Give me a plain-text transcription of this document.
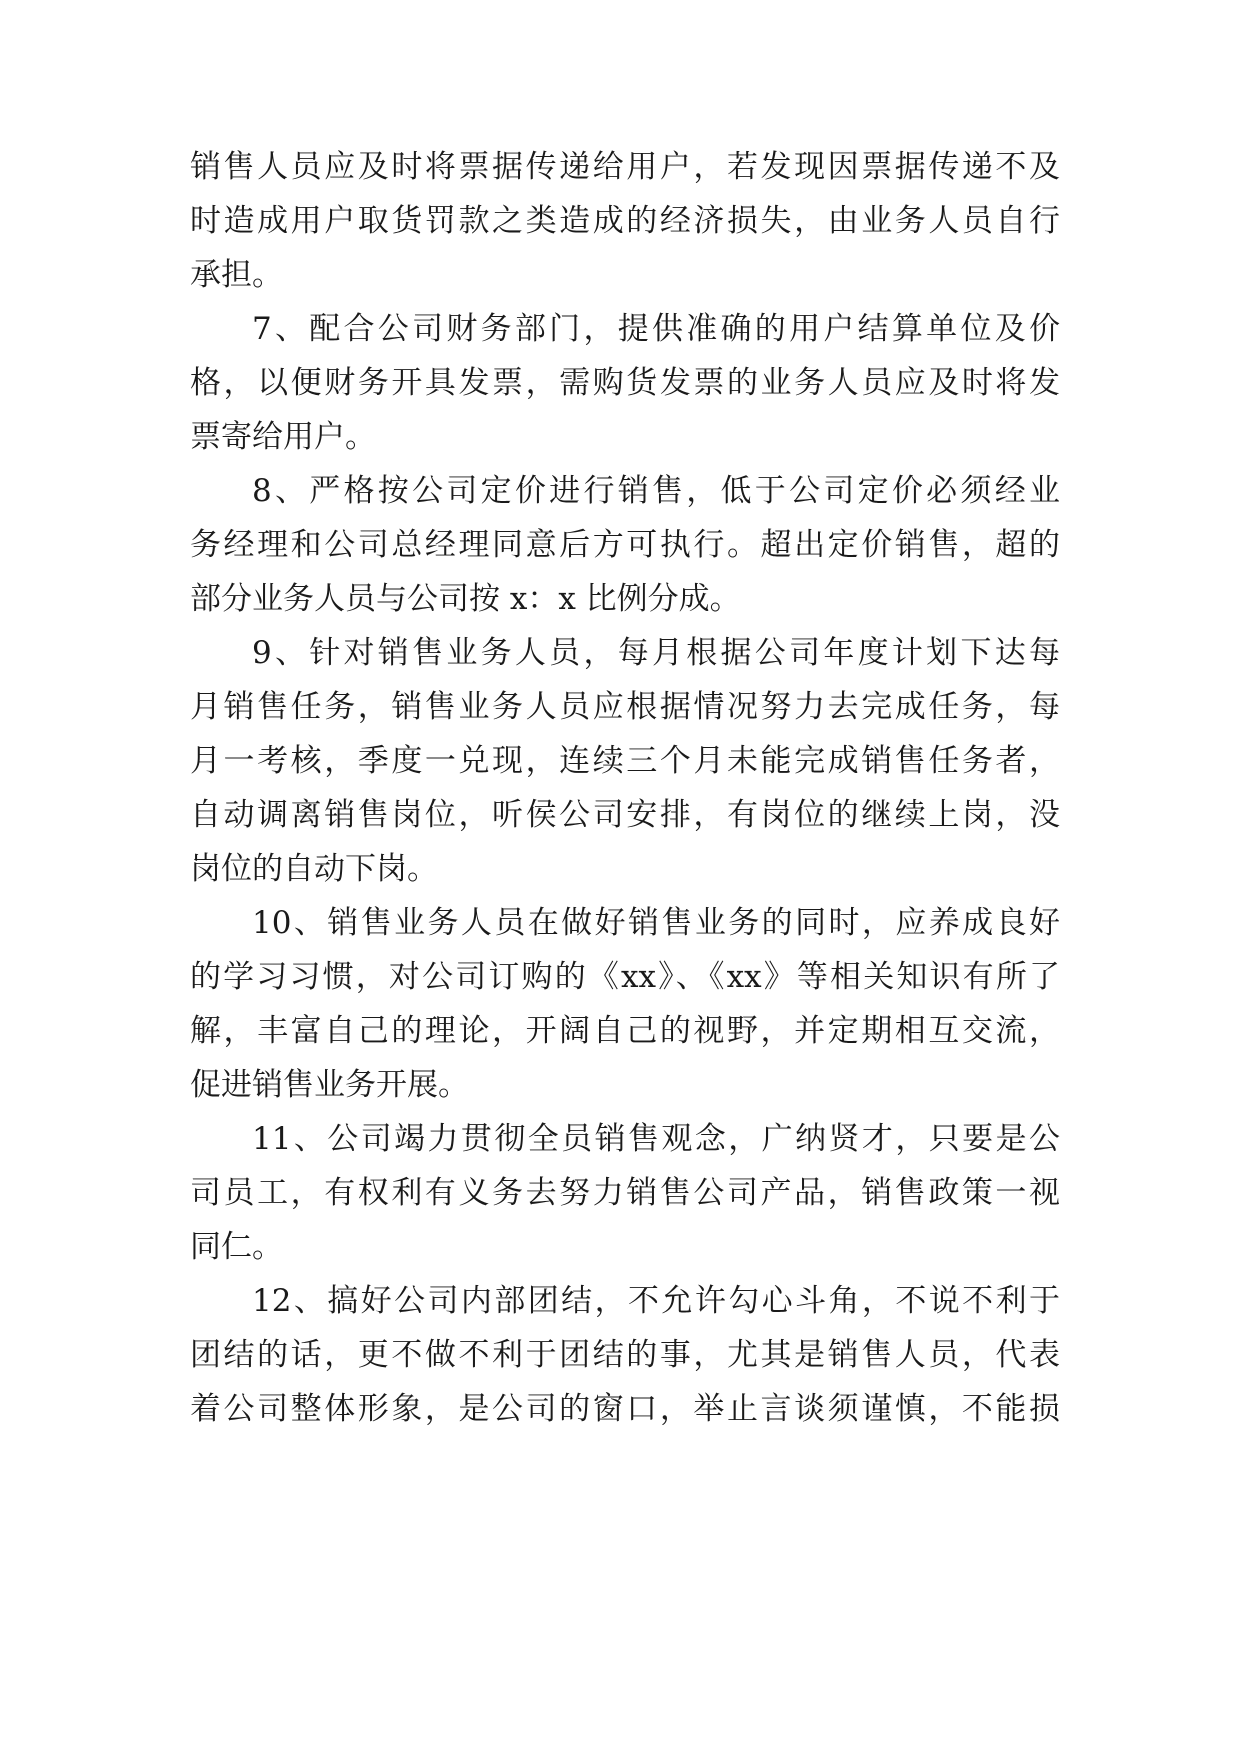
销售人员应及时将票据传递给用户，若发现因票据传递不及
时造成用户取货罚款之类造成的经济损失，由业务人员自行
承担。
7、配合公司财务部门，提供准确的用户结算单位及价
格，以便财务开具发票，需购货发票的业务人员应及时将发
票寄给用户。
8、严格按公司定价进行销售，低于公司定价必须经业
务经理和公司总经理同意后方可执行。超出定价销售，超的
部分业务人员与公司按 x：x 比例分成。
9、针对销售业务人员，每月根据公司年度计划下达每
月销售任务，销售业务人员应根据情况努力去完成任务，每
月一考核，季度一兑现，连续三个月未能完成销售任务者，
自动调离销售岗位，听侯公司安排，有岗位的继续上岗，没
岗位的自动下岗。
10、销售业务人员在做好销售业务的同时，应养成良好
的学习习惯，对公司订购的《xx》、《xx》等相关知识有所了
解，丰富自己的理论，开阔自己的视野，并定期相互交流，
促进销售业务开展。
11、公司竭力贯彻全员销售观念，广纳贤才，只要是公
司员工，有权利有义务去努力销售公司产品，销售政策一视
同仁。
12、搞好公司内部团结，不允许勾心斗角，不说不利于
团结的话，更不做不利于团结的事，尤其是销售人员，代表
着公司整体形象，是公司的窗口，举止言谈须谨慎，不能损
